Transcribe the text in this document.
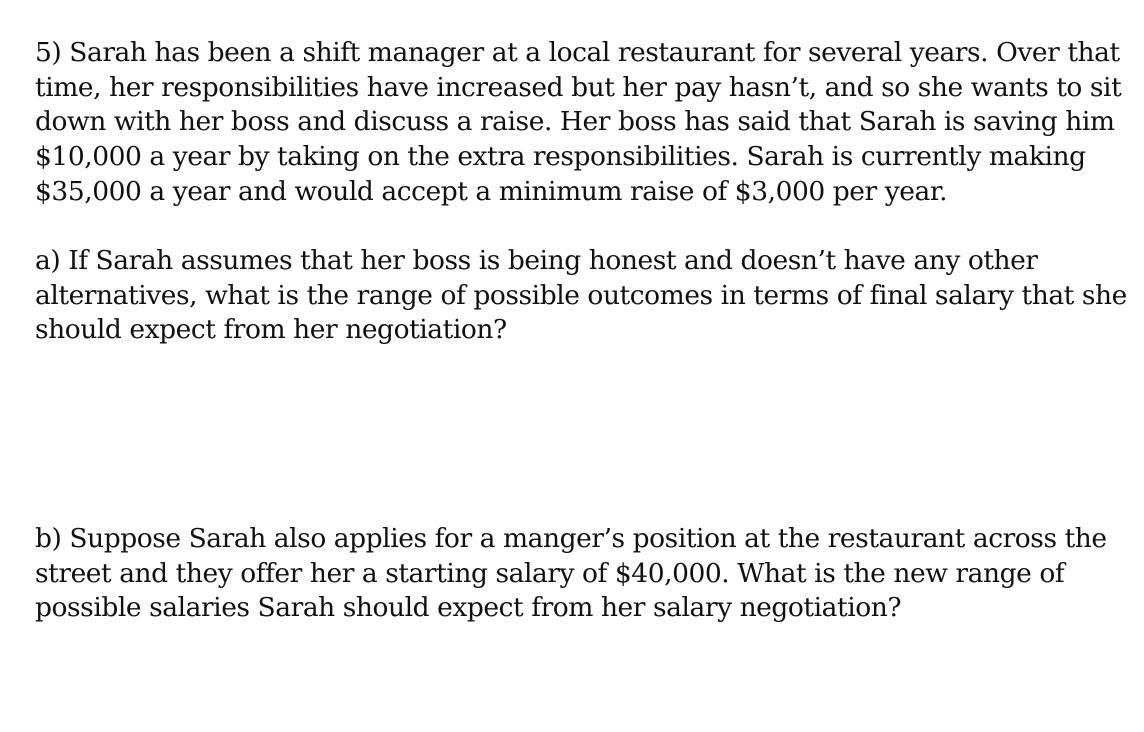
5) Sarah has been a shift manager at a local restaurant for several years. Over that
time, her responsibilities have increased but her pay hasn’t, and so she wants to sit
down with her boss and discuss a raise. Her boss has said that Sarah is saving him
$10,000 a year by taking on the extra responsibilities. Sarah is currently making
$35,000 a year and would accept a minimum raise of $3,000 per year.

a) If Sarah assumes that her boss is being honest and doesn’t have any other
alternatives, what is the range of possible outcomes in terms of final salary that she
should expect from her negotiation?

b) Suppose Sarah also applies for a manger’s position at the restaurant across the
street and they offer her a starting salary of $40,000. What is the new range of
possible salaries Sarah should expect from her salary negotiation?
